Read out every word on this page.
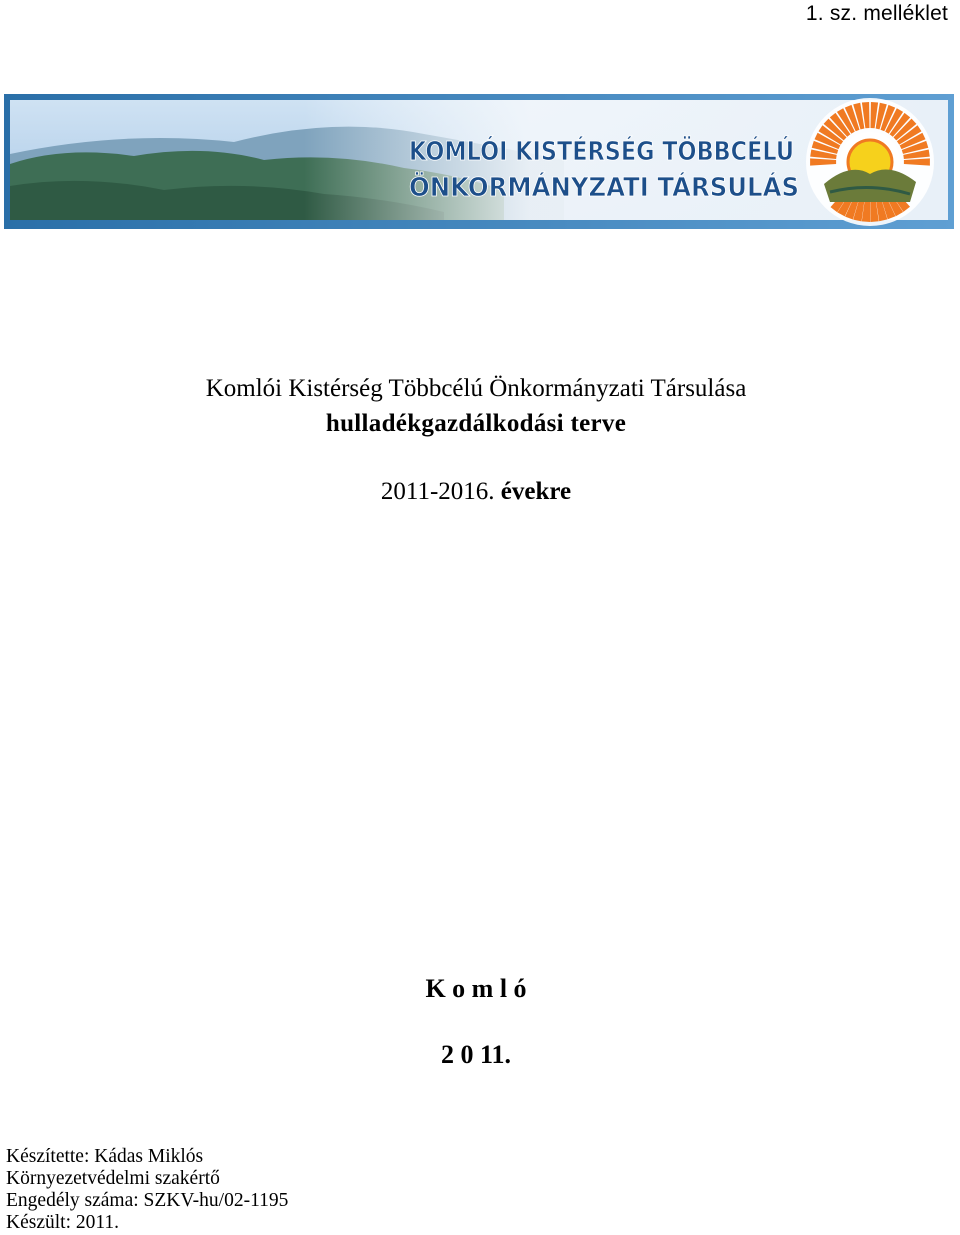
1. sz. melléklet
KOMLÓI KISTÉRSÉG TÖBBCÉLÚ
ÖNKORMÁNYZATI TÁRSULÁS
Komlói Kistérség Többcélú Önkormányzati Társulása
hulladékgazdálkodási terve
2011-2016. évekre
K o m l ó
2 0 11.
Készítette: Kádas Miklós
Környezetvédelmi szakértő
Engedély száma: SZKV-hu/02-1195
Készült: 2011.
